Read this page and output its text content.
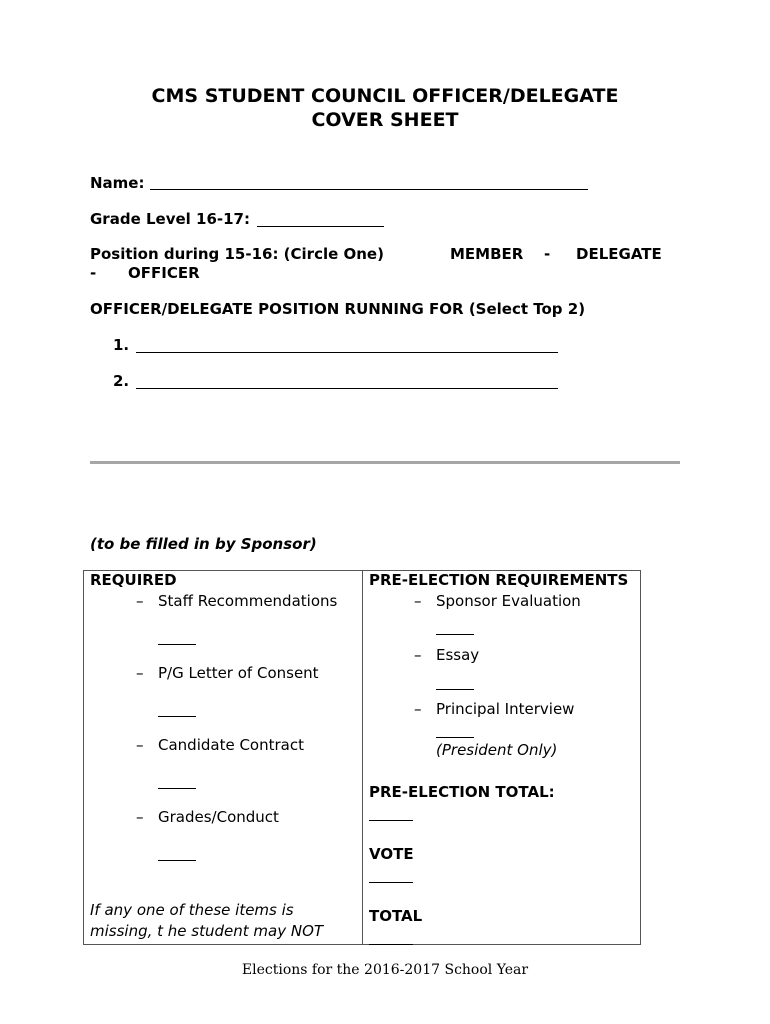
CMS STUDENT COUNCIL OFFICER/DELEGATE
COVER SHEET
Name:
Grade Level 16-17:
Position during 15-16: (Circle One)	MEMBER - DELEGATE
- OFFICER
OFFICER/DELEGATE POSITION RUNNING FOR (Select Top 2)
1.
2.
(to be filled in by Sponsor)
REQUIRED
– Staff Recommendations
– P/G Letter of Consent
– Candidate Contract
– Grades/Conduct
If any one of these items is
missing, t he student may NOT
PRE-ELECTION REQUIREMENTS
– Sponsor Evaluation
– Essay
– Principal Interview
(President Only)
PRE-ELECTION TOTAL:
VOTE
TOTAL
Elections for the 2016-2017 School Year
